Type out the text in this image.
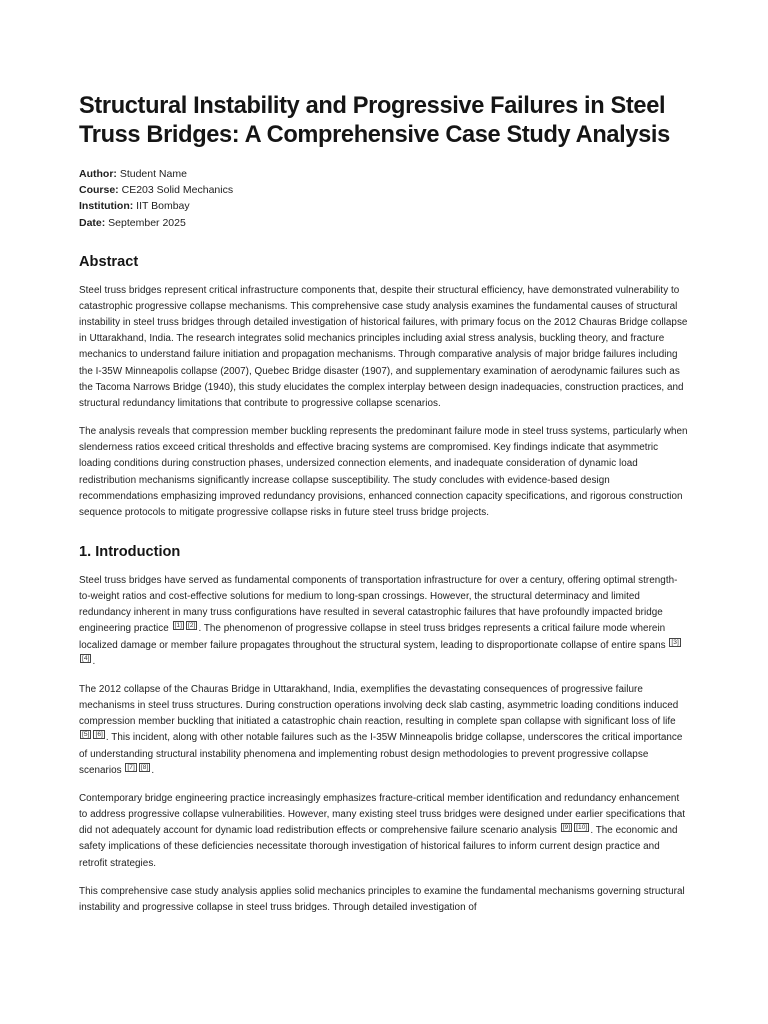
Structural Instability and Progressive Failures in Steel Truss Bridges: A Comprehensive Case Study Analysis
Author: Student Name
Course: CE203 Solid Mechanics
Institution: IIT Bombay
Date: September 2025
Abstract

Steel truss bridges represent critical infrastructure components that, despite their structural efficiency, have demonstrated vulnerability to catastrophic progressive collapse mechanisms. This comprehensive case study analysis examines the fundamental causes of structural instability in steel truss bridges through detailed investigation of historical failures, with primary focus on the 2012 Chauras Bridge collapse in Uttarakhand, India. The research integrates solid mechanics principles including axial stress analysis, buckling theory, and fracture mechanics to understand failure initiation and propagation mechanisms. Through comparative analysis of major bridge failures including the I-35W Minneapolis collapse (2007), Quebec Bridge disaster (1907), and supplementary examination of aerodynamic failures such as the Tacoma Narrows Bridge (1940), this study elucidates the complex interplay between design inadequacies, construction practices, and structural redundancy limitations that contribute to progressive collapse scenarios.

The analysis reveals that compression member buckling represents the predominant failure mode in steel truss systems, particularly when slenderness ratios exceed critical thresholds and effective bracing systems are compromised. Key findings indicate that asymmetric loading conditions during construction phases, undersized connection elements, and inadequate consideration of dynamic load redistribution mechanisms significantly increase collapse susceptibility. The study concludes with evidence-based design recommendations emphasizing improved redundancy provisions, enhanced connection capacity specifications, and rigorous construction sequence protocols to mitigate progressive collapse risks in future steel truss bridge projects.

1. Introduction

Steel truss bridges have served as fundamental components of transportation infrastructure for over a century, offering optimal strength-to-weight ratios and cost-effective solutions for medium to long-span crossings. However, the structural determinacy and limited redundancy inherent in many truss configurations have resulted in several catastrophic failures that have profoundly impacted bridge engineering practice [1] [2] . The phenomenon of progressive collapse in steel truss bridges represents a critical failure mode wherein localized damage or member failure propagates throughout the structural system, leading to disproportionate collapse of entire spans [3][4] .

The 2012 collapse of the Chauras Bridge in Uttarakhand, India, exemplifies the devastating consequences of progressive failure mechanisms in steel truss structures. During construction operations involving deck slab casting, asymmetric loading conditions induced compression member buckling that initiated a catastrophic chain reaction, resulting in complete span collapse with significant loss of life [5] [6] . This incident, along with other notable failures such as the I-35W Minneapolis bridge collapse, underscores the critical importance of understanding structural instability phenomena and implementing robust design methodologies to prevent progressive collapse scenarios [7] [8] .

Contemporary bridge engineering practice increasingly emphasizes fracture-critical member identification and redundancy enhancement to address progressive collapse vulnerabilities. However, many existing steel truss bridges were designed under earlier specifications that did not adequately account for dynamic load redistribution effects or comprehensive failure scenario analysis [9] [10] . The economic and safety implications of these deficiencies necessitate thorough investigation of historical failures to inform current design practice and retrofit strategies.

This comprehensive case study analysis applies solid mechanics principles to examine the fundamental mechanisms governing structural instability and progressive collapse in steel truss bridges. Through detailed investigation of
